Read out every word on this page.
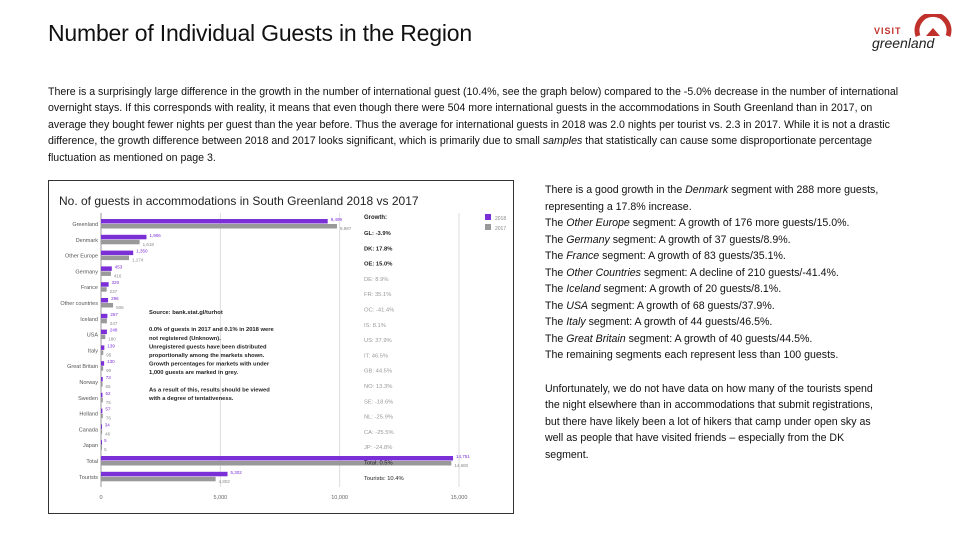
Number of Individual Guests in the Region	VISIT
greenland
There is a surprisingly large difference in the growth in the number of international guest (10.4%, see the graph below) compared to the -5.0% decrease in the number of international overnight stays. If this corresponds with reality, it means that even though there were 504 more international guests in the accommodations in South Greenland than in 2017, on average they bought fewer nights per guest than the year before. Thus the average for international guests in 2018 was 2.0 nights per tourist vs. 2.3 in 2017. While it is not a drastic difference, the growth difference between 2018 and 2017 looks significant, which is primarily due to small samples that statistically can cause some disproportionate percentage fluctuation as mentioned on page 3.
No. of guests in accommodations in South Greenland 2018 vs 2017
0	5,000	10,000	15,000
Greenland
9,499
9,887
Denmark
1,906
1,618
Other Europe
1,350
1,174
Germany
453
416
France
320
237
Other countries
296
506
Iceland
267
247
USA
248
180
Italy
139
95
Great Britain
130
90
Norway
73
65
Sweden
62
75
Holland
57
76
Canada
34
46
Japan
5
5
Total
14,751
14,680
Tourists
5,302
4,802
Growth:
GL: -3.9%
DK: 17.8%
OE: 15.0%
DE: 8.9%
FR: 35.1%
OC: -41.4%
IS: 8.1%
US: 37.9%
IT: 46.5%
GB: 44.5%
NO: 13.3%
SE: -18.6%
NL: -25.9%
CA: -25.5%
JP: -24.8%
Total: 0.5%
Tourists: 10.4%
2018
2017
Source: bank.stat.gl/turhot
0.0% of guests in 2017 and 0.1% in 2018 were
not registered (Unknown).
Unregistered guests have been distributed
proportionally among the markets shown.
Growth percentages for markets with under
1,000 guests are marked in grey.
As a result of this, results should be viewed
with a degree of tentativeness.

There is a good growth in the Denmark segment with 288 more guests, representing a 17.8% increase.

The Other Europe segment: A growth of 176 more guests/15.0%.

The Germany segment: A growth of 37 guests/8.9%.

The France segment: A growth of 83 guests/35.1%.

The Other Countries segment: A decline of 210 guests/-41.4%.

The Iceland segment: A growth of 20 guests/8.1%.

The USA segment: A growth of 68 guests/37.9%.

The Italy segment: A growth of 44 guests/46.5%.

The Great Britain segment: A growth of 40 guests/44.5%.

The remaining segments each represent less than 100 guests.

Unfortunately, we do not have data on how many of the tourists spend the night elsewhere than in accommodations that submit registrations, but there have likely been a lot of hikers that camp under open sky as well as people that have visited friends – especially from the DK segment.
